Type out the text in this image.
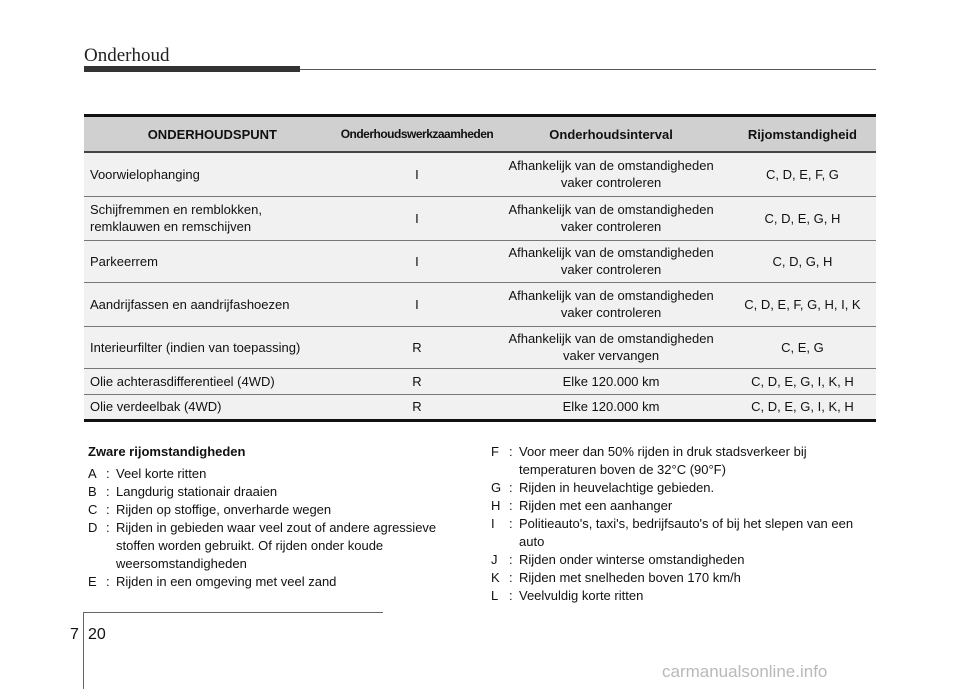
Onderhoud
ONDERHOUDSPUNT	Onderhoudswerkzaamheden	Onderhoudsinterval	Rijomstandigheid
Voorwielophanging	I	Afhankelijk van de omstandigheden vaker controleren	C, D, E, F, G
Schijfremmen en remblokken, remklauwen en remschijven	I	Afhankelijk van de omstandigheden vaker controleren	C, D, E, G, H
Parkeerrem	I	Afhankelijk van de omstandigheden vaker controleren	C, D, G, H
Aandrijfassen en aandrijfashoezen	I	Afhankelijk van de omstandigheden vaker controleren	C, D, E, F, G, H, I, K
Interieurfilter (indien van toepassing)	R	Afhankelijk van de omstandigheden vaker vervangen	C, E, G
Olie achterasdifferentieel (4WD)	R	Elke 120.000 km	C, D, E, G, I, K, H
Olie verdeelbak (4WD)	R	Elke 120.000 km	C, D, E, G, I, K, H
Zware rijomstandigheden
A : Veel korte ritten
B : Langdurig stationair draaien
C : Rijden op stoffige, onverharde wegen
D : Rijden in gebieden waar veel zout of andere agressieve stoffen worden gebruikt. Of rijden onder koude weersomstandigheden
E : Rijden in een omgeving met veel zand
F : Voor meer dan 50% rijden in druk stadsverkeer bij temperaturen boven de 32°C (90°F)
G : Rijden in heuvelachtige gebieden.
H : Rijden met een aanhanger
I	: Politieauto's, taxi's, bedrijfsauto's of bij het slepen van een auto
J : Rijden onder winterse omstandigheden
K : Rijden met snelheden boven 170 km/h
L : Veelvuldig korte ritten
7 20
carmanualsonline.info
